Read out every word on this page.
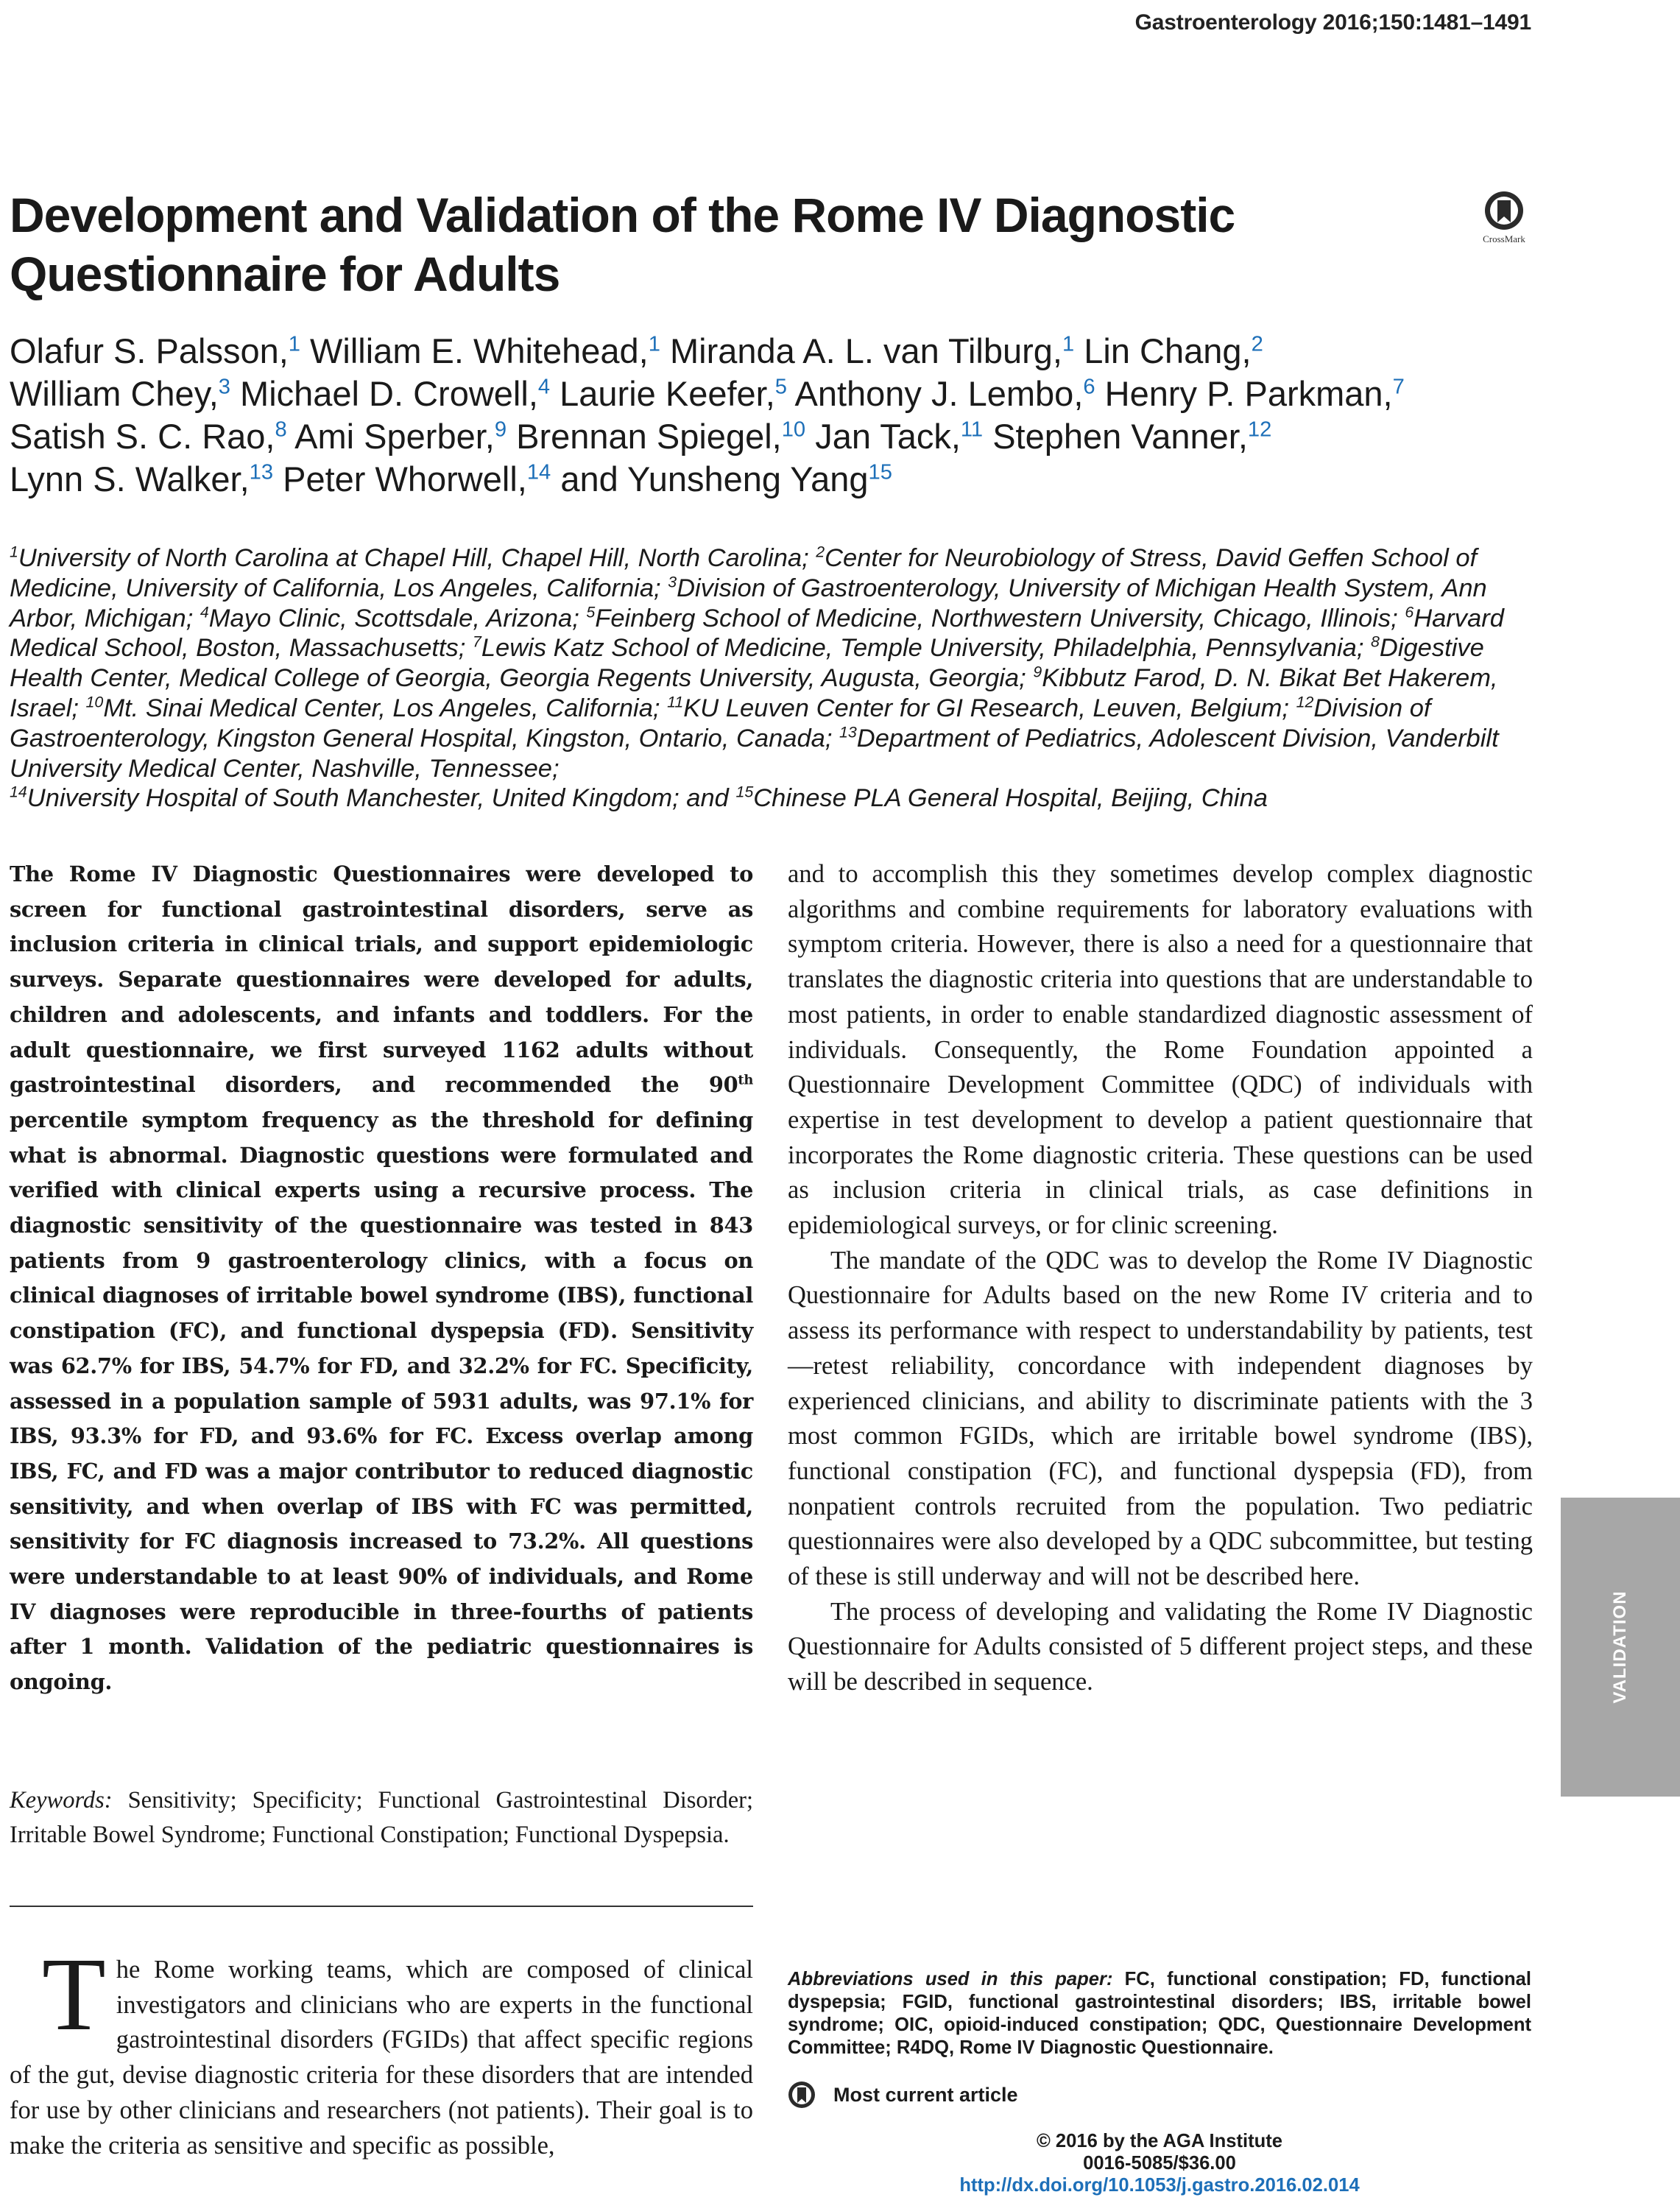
Gastroenterology 2016;150:1481–1491
Development and Validation of the Rome IV Diagnostic Questionnaire for Adults
CrossMark

Olafur S. Palsson,$^1$ William E. Whitehead,$^1$ Miranda A. L. van Tilburg,$^1$ Lin Chang,$^2$
William Chey,$^3$ Michael D. Crowell,$^4$ Laurie Keefer,$^5$ Anthony J. Lembo,$^6$ Henry P. Parkman,$^7$
Satish S. C. Rao,$^8$ Ami Sperber,$^9$ Brennan Spiegel,$^{10}$ Jan Tack,$^{11}$ Stephen Vanner,$^{12}$
Lynn S. Walker,$^{13}$ Peter Whorwell,$^{14}$ and Yunsheng Yang$^{15}$

$^1$University of North Carolina at Chapel Hill, Chapel Hill, North Carolina; $^2$Center for Neurobiology of Stress, David Geffen School of Medicine, University of California, Los Angeles, California; $^3$Division of Gastroenterology, University of Michigan Health System, Ann Arbor, Michigan; $^4$Mayo Clinic, Scottsdale, Arizona; $^5$Feinberg School of Medicine, Northwestern University, Chicago, Illinois; $^6$Harvard Medical School, Boston, Massachusetts; $^7$Lewis Katz School of Medicine, Temple University, Philadelphia, Pennsylvania; $^8$Digestive Health Center, Medical College of Georgia, Georgia Regents University, Augusta, Georgia; $^9$Kibbutz Farod, D. N. Bikat Bet Hakerem, Israel; $^{10}$Mt. Sinai Medical Center, Los Angeles, California; $^{11}$KU Leuven Center for GI Research, Leuven, Belgium; $^{12}$Division of Gastroenterology, Kingston General Hospital, Kingston, Ontario, Canada; $^{13}$Department of Pediatrics, Adolescent Division, Vanderbilt University Medical Center, Nashville, Tennessee;
$^{14}$University Hospital of South Manchester, United Kingdom; and $^{15}$Chinese PLA General Hospital, Beijing, China

The Rome IV Diagnostic Questionnaires were developed to screen for functional gastrointestinal disorders, serve as inclusion criteria in clinical trials, and support epidemiologic surveys. Separate questionnaires were developed for adults, children and adolescents, and infants and toddlers. For the adult questionnaire, we first surveyed 1162 adults without gastrointestinal disorders, and recommended the 90th percentile symptom frequency as the threshold for defining what is abnormal. Diagnostic questions were formulated and verified with clinical experts using a recursive process. The diagnostic sensitivity of the questionnaire was tested in 843 patients from 9 gastroenterology clinics, with a focus on clinical diagnoses of irritable bowel syndrome (IBS), functional constipation (FC), and functional dyspepsia (FD). Sensitivity was 62.7% for IBS, 54.7% for FD, and 32.2% for FC. Specificity, assessed in a population sample of 5931 adults, was 97.1% for IBS, 93.3% for FD, and 93.6% for FC. Excess overlap among IBS, FC, and FD was a major contributor to reduced diagnostic sensitivity, and when overlap of IBS with FC was permitted, sensitivity for FC diagnosis increased to 73.2%. All questions were understandable to at least 90% of individuals, and Rome IV diagnoses were reproducible in three-fourths of patients after 1 month. Validation of the pediatric questionnaires is ongoing.

Keywords: Sensitivity; Specificity; Functional Gastrointestinal Disorder; Irritable Bowel Syndrome; Functional Constipation; Functional Dyspepsia.

The Rome working teams, which are composed of clinical investigators and clinicians who are experts in the functional gastrointestinal disorders (FGIDs) that affect specific regions of the gut, devise diagnostic criteria for these disorders that are intended for use by other clinicians and researchers (not patients). Their goal is to make the criteria as sensitive and specific as possible,

and to accomplish this they sometimes develop complex diagnostic algorithms and combine requirements for laboratory evaluations with symptom criteria. However, there is also a need for a questionnaire that translates the diagnostic criteria into questions that are understandable to most patients, in order to enable standardized diagnostic assessment of individuals. Consequently, the Rome Foundation appointed a Questionnaire Development Committee (QDC) of individuals with expertise in test development to develop a patient questionnaire that incorporates the Rome diagnostic criteria. These questions can be used as inclusion criteria in clinical trials, as case definitions in epidemiological surveys, or for clinic screening.

The mandate of the QDC was to develop the Rome IV Diagnostic Questionnaire for Adults based on the new Rome IV criteria and to assess its performance with respect to understandability by patients, test—retest reliability, concordance with independent diagnoses by experienced clinicians, and ability to discriminate patients with the 3 most common FGIDs, which are irritable bowel syndrome (IBS), functional constipation (FC), and functional dyspepsia (FD), from nonpatient controls recruited from the population. Two pediatric questionnaires were also developed by a QDC subcommittee, but testing of these is still underway and will not be described here.

The process of developing and validating the Rome IV Diagnostic Questionnaire for Adults consisted of 5 different project steps, and these will be described in sequence.	VALIDATION

Abbreviations used in this paper: FC, functional constipation; FD, functional dyspepsia; FGID, functional gastrointestinal disorders; IBS, irritable bowel syndrome; OIC, opioid-induced constipation; QDC, Questionnaire Development Committee; R4DQ, Rome IV Diagnostic Questionnaire.

Most current article
© 2016 by the AGA Institute
0016-5085/$36.00
http://dx.doi.org/10.1053/j.gastro.2016.02.014
